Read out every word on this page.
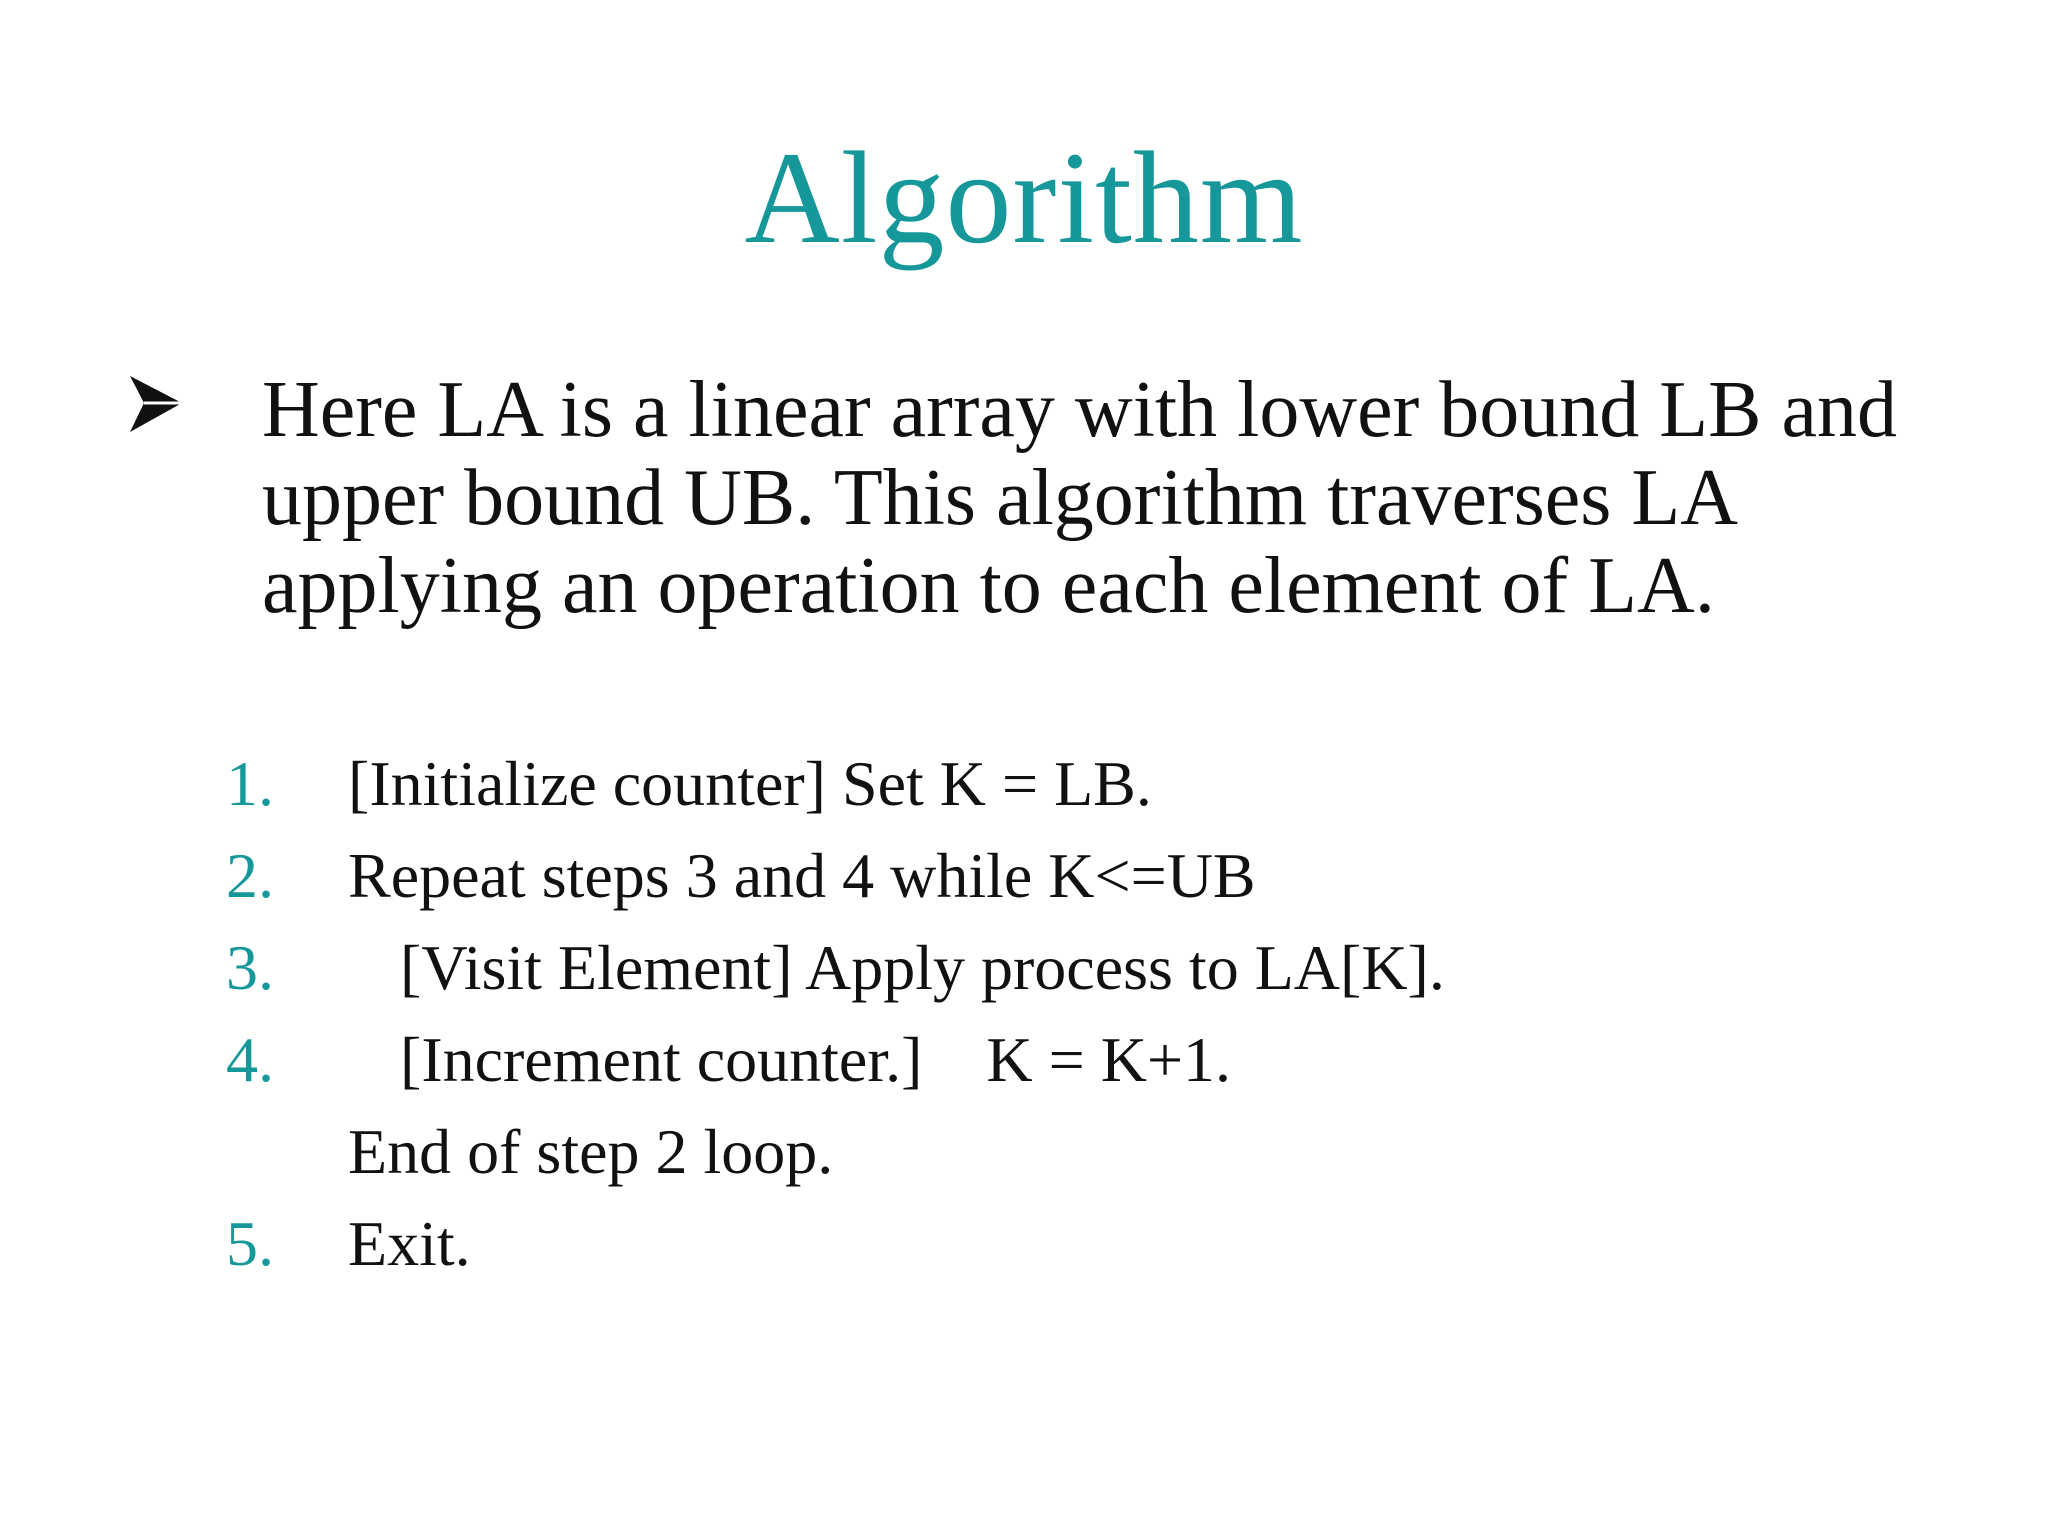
Algorithm

Here LA is a linear array with lower bound LB and upper bound UB. This algorithm traverses LA applying an operation to each element of LA.

1. [Initialize counter] Set K = LB.
2. Repeat steps 3 and 4 while K<=UB
3. [Visit Element] Apply process to LA[K].
4. [Increment counter.]    K = K+1.
End of step 2 loop.
5. Exit.
